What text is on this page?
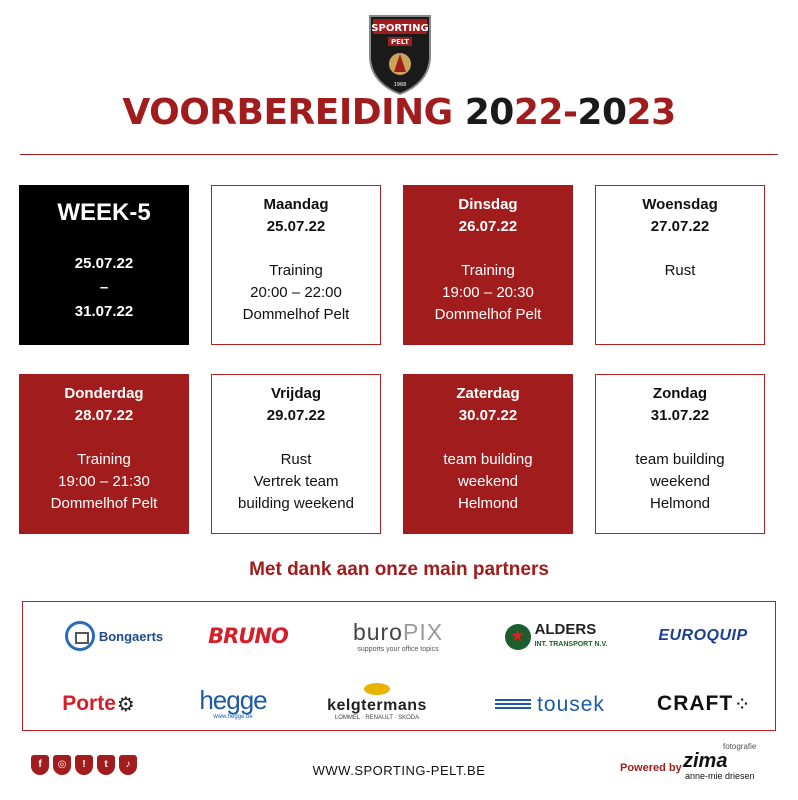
SPORTING
PELT
1968
VOORBEREIDING 2022-2023
WEEK-5
25.07.22
–
31.07.22
Maandag
25.07.22
Training
20:00 – 22:00
Dommelhof Pelt
Dinsdag
26.07.22
Training
19:00 – 20:30
Dommelhof Pelt
Woensdag
27.07.22
Rust
Donderdag
28.07.22
Training
19:00 – 21:30
Dommelhof Pelt
Vrijdag
29.07.22
Rust
Vertrek team
building weekend
Zaterdag
30.07.22
team building
weekend
Helmond
Zondag
31.07.22
team building
weekend
Helmond
Met dank aan onze main partners
Bongaerts BRUNO	buroPIX
supports your office topics
★ ALDERS
INT. TRANSPORT N.V.
EUROQUIP
Porte ⚙ hegge
www.hegge.be
kelgtermans
LOMMEL · RENAULT · SKODA
tousek CRAFT ⁘
f	◎	!	t	♪	WWW.SPORTING-PELT.BE	Powered by
fotografie
zima
anne-mie driesen
